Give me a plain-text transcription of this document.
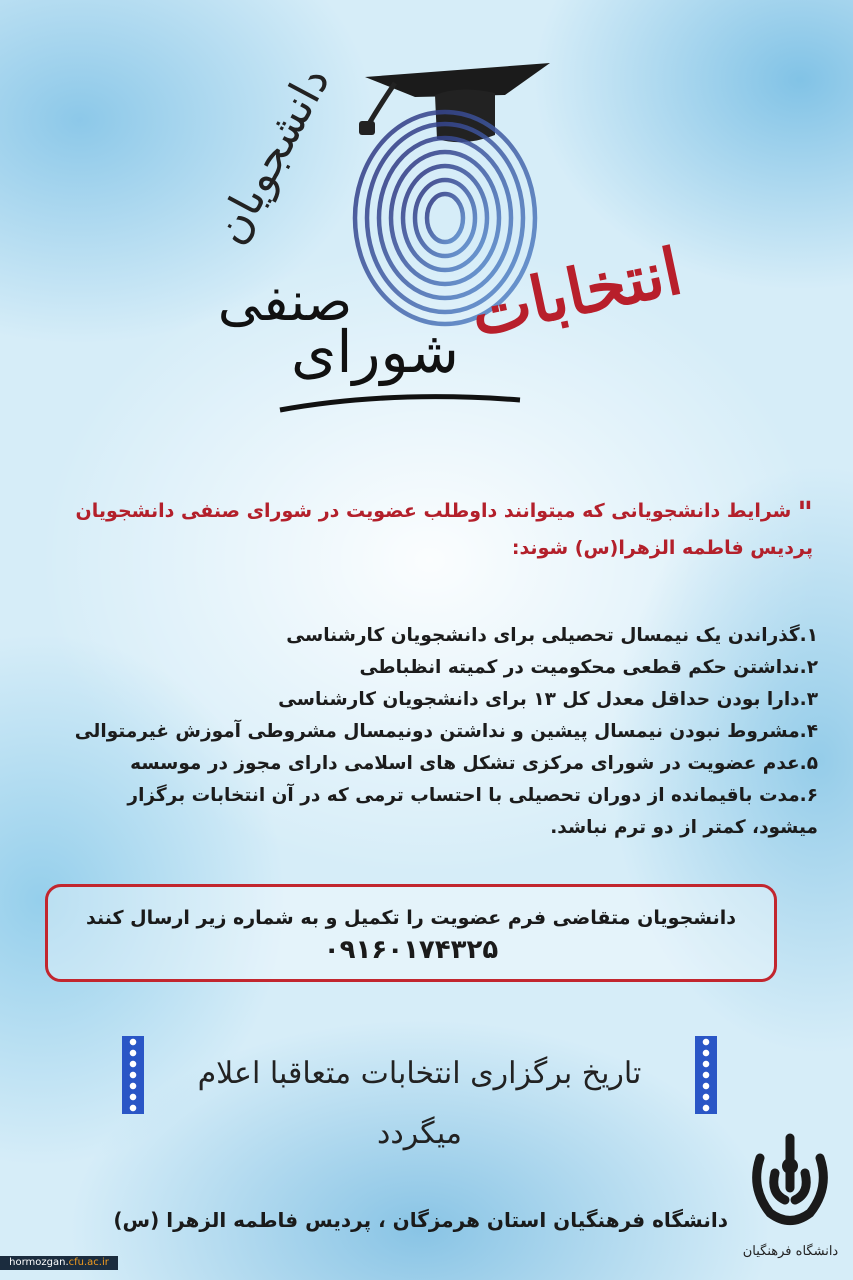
دانشجویان
انتخابات
صنفی
شورای
"شرایط دانشجویانی که میتوانند داوطلب عضویت در شورای صنفی دانشجویان
پردیس فاطمه الزهرا(س) شوند:
۱.گذراندن یک نیمسال تحصیلی برای دانشجویان کارشناسی
۲.نداشتن حکم قطعی محکومیت در کمیته انظباطی
۳.دارا بودن حداقل معدل کل ۱۳ برای دانشجویان کارشناسی
۴.مشروط نبودن نیمسال پیشین و نداشتن دونیمسال مشروطی آموزش غیرمتوالی
۵.عدم عضویت در شورای مرکزی تشکل های اسلامی دارای مجوز در موسسه
۶.مدت باقیمانده از دوران تحصیلی با احتساب ترمی که در آن انتخابات برگزار
میشود، کمتر از دو ترم نباشد.
دانشجویان متقاضی فرم عضویت را تکمیل و به شماره زیر ارسال کنند
۰۹۱۶۰۱۷۴۳۲۵
تاریخ برگزاری انتخابات متعاقبا اعلام میگردد
دانشگاه فرهنگیان استان هرمزگان ، پردیس فاطمه الزهرا (س)
دانشگاه فرهنگیان
hormozgan.cfu.ac.ir
